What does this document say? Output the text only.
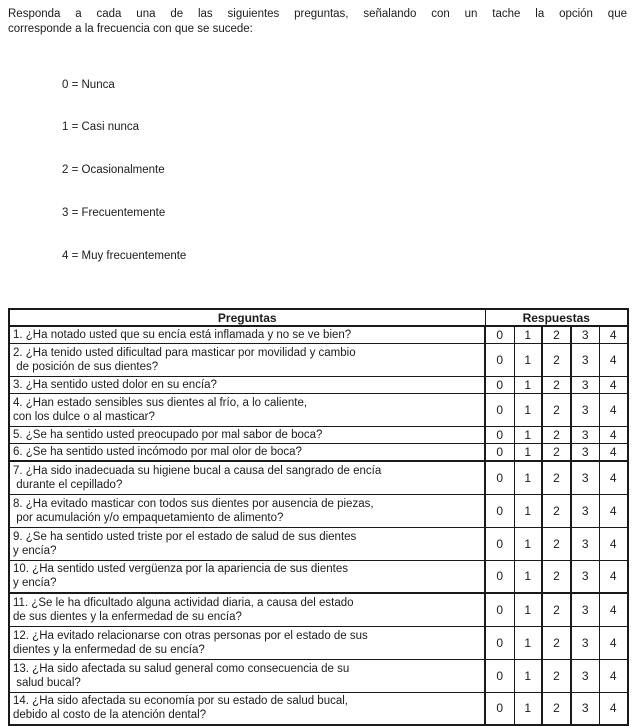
Responda a cada una de las siguientes preguntas, señalando con un tache la opción que
corresponde a la frecuencia con que se sucede:

0 = Nunca

1 = Casi nunca

2 = Ocasionalmente

3 = Frecuentemente

4 = Muy frecuentemente

Preguntas	Respuestas				

1. ¿Ha notado usted que su encía está inflamada y no se ve bien?	0	1	2	3	4

2. ¿Ha tenido usted dificultad para masticar por movilidad y cambio
de posición de sus dientes?	0	1	2	3	4

3. ¿Ha sentido usted dolor en su encía?	0	1	2	3	4

4. ¿Han estado sensibles sus dientes al frío, a lo caliente,
con los dulce o al masticar?	0	1	2	3	4

5. ¿Se ha sentido usted preocupado por mal sabor de boca?	0	1	2	3	4

6. ¿Se ha sentido usted incómodo por mal olor de boca?	0	1	2	3	4

7. ¿Ha sido inadecuada su higiene bucal a causa del sangrado de encía
durante el cepillado?	0	1	2	3	4

8. ¿Ha evitado masticar con todos sus dientes por ausencia de piezas,
por acumulación y/o empaquetamiento de alimento?	0	1	2	3	4

9. ¿Se ha sentido usted triste por el estado de salud de sus dientes
y encía?	0	1	2	3	4

10. ¿Ha sentido usted vergüenza por la apariencia de sus dientes
y encía?	0	1	2	3	4

11. ¿Se le ha dficultado alguna actividad diaria, a causa del estado
de sus dientes y la enfermedad de su encía?	0	1	2	3	4

12. ¿Ha evitado relacionarse con otras personas por el estado de sus
dientes y la enfermedad de su encía?	0	1	2	3	4

13. ¿Ha sido afectada su salud general como consecuencia de su
salud bucal?	0	1	2	3	4

14. ¿Ha sido afectada su economía por su estado de salud bucal,
debido al costo de la atención dental?	0	1	2	3	4
